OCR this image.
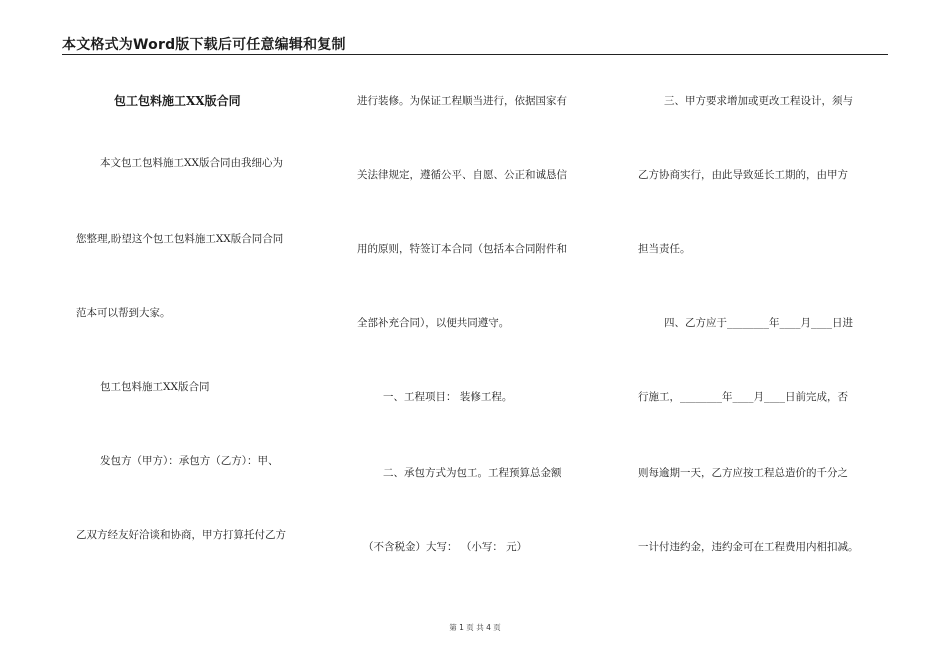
本文格式为Word版下载后可任意编辑和复制
包工包料施工XX版合同
本文包工包料施工XX版合同由我细心为
您整理,盼望这个包工包料施工XX版合同合同
范本可以帮到大家。
包工包料施工XX版合同
发包方（甲方）：承包方（乙方）：甲、
乙双方经友好洽谈和协商，甲方打算托付乙方
进行装修。为保证工程顺当进行，依据国家有
关法律规定，遵循公平、自愿、公正和诚恳信
用的原则，特签订本合同（包括本合同附件和
全部补充合同），以便共同遵守。
一、工程项目： 装修工程。
二、承包方式为包工。工程预算总金额
（不含税金）大写： （小写： 元）
三、甲方要求增加或更改工程设计，须与
乙方协商实行，由此导致延长工期的，由甲方
担当责任。
四、乙方应于________年____月____日进
行施工，________年____月____日前完成，否
则每逾期一天，乙方应按工程总造价的千分之
一计付违约金，违约金可在工程费用内相扣减。
第 1 页 共 4 页
